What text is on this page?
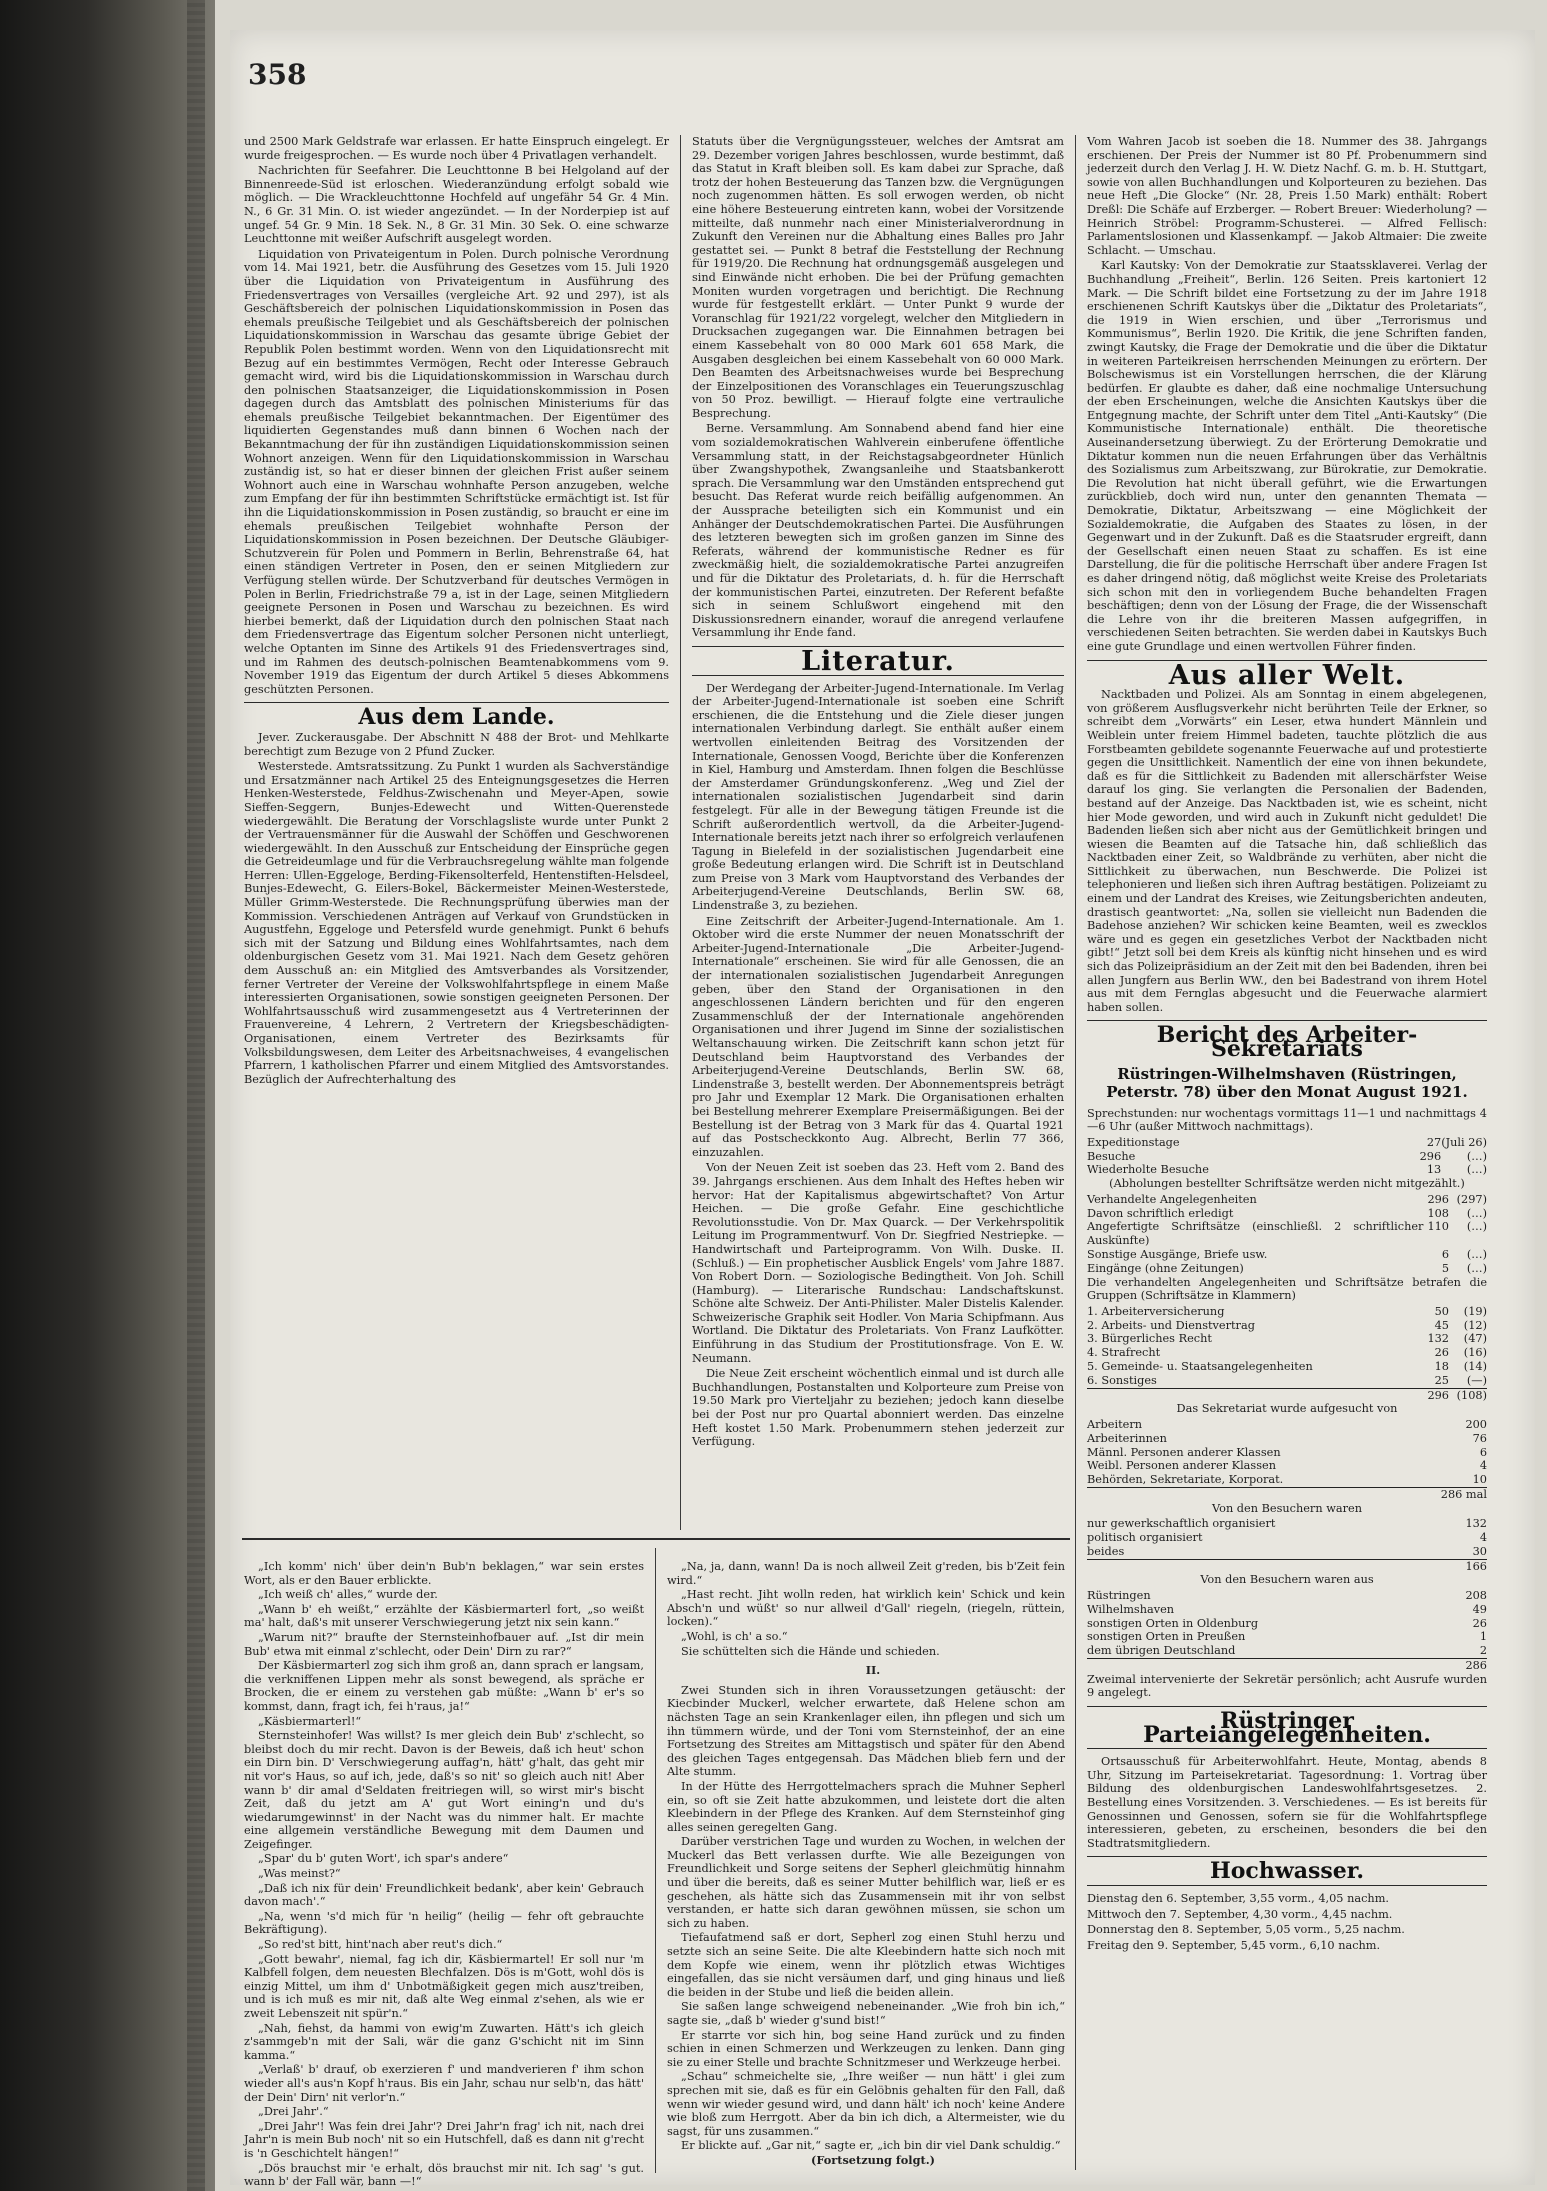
358

und 2500 Mark Geldstrafe war erlassen. Er hatte Einspruch eingelegt. Er wurde freigesprochen. — Es wurde noch über 4 Privatlagen verhandelt.

Nachrichten für Seefahrer. Die Leuchttonne B bei Helgoland auf der Binnenreede-Süd ist erloschen. Wiederanzündung erfolgt sobald wie möglich. — Die Wrackleuchttonne Hochfeld auf ungefähr 54 Gr. 4 Min. N., 6 Gr. 31 Min. O. ist wieder angezündet. — In der Norderpiep ist auf ungef. 54 Gr. 9 Min. 18 Sek. N., 8 Gr. 31 Min. 30 Sek. O. eine schwarze Leuchttonne mit weißer Aufschrift ausgelegt worden.

Liquidation von Privateigentum in Polen. Durch polnische Verordnung vom 14. Mai 1921, betr. die Ausführung des Gesetzes vom 15. Juli 1920 über die Liquidation von Privateigentum in Ausführung des Friedensvertrages von Versailles (vergleiche Art. 92 und 297), ist als Geschäftsbereich der polnischen Liquidationskommission in Posen das ehemals preußische Teilgebiet und als Geschäftsbereich der polnischen Liquidationskommission in Warschau das gesamte übrige Gebiet der Republik Polen bestimmt worden. Wenn von den Liquidationsrecht mit Bezug auf ein bestimmtes Vermögen, Recht oder Interesse Gebrauch gemacht wird, wird bis die Liquidationskommission in Warschau durch den polnischen Staatsanzeiger, die Liquidationskommission in Posen dagegen durch das Amtsblatt des polnischen Ministeriums für das ehemals preußische Teilgebiet bekanntmachen. Der Eigentümer des liquidierten Gegenstandes muß dann binnen 6 Wochen nach der Bekanntmachung der für ihn zuständigen Liquidationskommission seinen Wohnort anzeigen. Wenn für den Liquidationskommission in Warschau zuständig ist, so hat er dieser binnen der gleichen Frist außer seinem Wohnort auch eine in Warschau wohnhafte Person anzugeben, welche zum Empfang der für ihn bestimmten Schriftstücke ermächtigt ist. Ist für ihn die Liquidationskommission in Posen zuständig, so braucht er eine im ehemals preußischen Teilgebiet wohnhafte Person der Liquidationskommission in Posen bezeichnen. Der Deutsche Gläubiger-Schutzverein für Polen und Pommern in Berlin, Behrenstraße 64, hat einen ständigen Vertreter in Posen, den er seinen Mitgliedern zur Verfügung stellen würde. Der Schutzverband für deutsches Vermögen in Polen in Berlin, Friedrichstraße 79 a, ist in der Lage, seinen Mitgliedern geeignete Personen in Posen und Warschau zu bezeichnen. Es wird hierbei bemerkt, daß der Liquidation durch den polnischen Staat nach dem Friedensvertrage das Eigentum solcher Personen nicht unterliegt, welche Optanten im Sinne des Artikels 91 des Friedensvertrages sind, und im Rahmen des deutsch-polnischen Beamtenabkommens vom 9. November 1919 das Eigentum der durch Artikel 5 dieses Abkommens geschützten Personen.

Aus dem Lande.

Jever. Zuckerausgabe. Der Abschnitt N 488 der Brot- und Mehlkarte berechtigt zum Bezuge von 2 Pfund Zucker.

Westerstede. Amtsratssitzung. Zu Punkt 1 wurden als Sachverständige und Ersatzmänner nach Artikel 25 des Enteignungsgesetzes die Herren Henken-Westerstede, Feldhus-Zwischenahn und Meyer-Apen, sowie Sieffen-Seggern, Bunjes-Edewecht und Witten-Querenstede wiedergewählt. Die Beratung der Vorschlagsliste wurde unter Punkt 2 der Vertrauensmänner für die Auswahl der Schöffen und Geschworenen wiedergewählt. In den Ausschuß zur Entscheidung der Einsprüche gegen die Getreideumlage und für die Verbrauchsregelung wählte man folgende Herren: Ullen-Eggeloge, Berding-Fikensolterfeld, Hentenstiften-Helsdeel, Bunjes-Edewecht, G. Eilers-Bokel, Bäckermeister Meinen-Westerstede, Müller Grimm-Westerstede. Die Rechnungsprüfung überwies man der Kommission. Verschiedenen Anträgen auf Verkauf von Grundstücken in Augustfehn, Eggeloge und Petersfeld wurde genehmigt. Punkt 6 behufs sich mit der Satzung und Bildung eines Wohlfahrtsamtes, nach dem oldenburgischen Gesetz vom 31. Mai 1921. Nach dem Gesetz gehören dem Ausschuß an: ein Mitglied des Amtsverbandes als Vorsitzender, ferner Vertreter der Vereine der Volkswohlfahrtspflege in einem Maße interessierten Organisationen, sowie sonstigen geeigneten Personen. Der Wohlfahrtsausschuß wird zusammengesetzt aus 4 Vertreterinnen der Frauenvereine, 4 Lehrern, 2 Vertretern der Kriegsbeschädigten-Organisationen, einem Vertreter des Bezirksamts für Volksbildungswesen, dem Leiter des Arbeitsnachweises, 4 evangelischen Pfarrern, 1 katholischen Pfarrer und einem Mitglied des Amtsvorstandes. Bezüglich der Aufrechterhaltung des

Statuts über die Vergnügungssteuer, welches der Amtsrat am 29. Dezember vorigen Jahres beschlossen, wurde bestimmt, daß das Statut in Kraft bleiben soll. Es kam dabei zur Sprache, daß trotz der hohen Besteuerung das Tanzen bzw. die Vergnügungen noch zugenommen hätten. Es soll erwogen werden, ob nicht eine höhere Besteuerung eintreten kann, wobei der Vorsitzende mitteilte, daß nunmehr nach einer Ministerialverordnung in Zukunft den Vereinen nur die Abhaltung eines Balles pro Jahr gestattet sei. — Punkt 8 betraf die Feststellung der Rechnung für 1919/20. Die Rechnung hat ordnungsgemäß ausgelegen und sind Einwände nicht erhoben. Die bei der Prüfung gemachten Moniten wurden vorgetragen und berichtigt. Die Rechnung wurde für festgestellt erklärt. — Unter Punkt 9 wurde der Voranschlag für 1921/22 vorgelegt, welcher den Mitgliedern in Drucksachen zugegangen war. Die Einnahmen betragen bei einem Kassebehalt von 80 000 Mark 601 658 Mark, die Ausgaben desgleichen bei einem Kassebehalt von 60 000 Mark. Den Beamten des Arbeitsnachweises wurde bei Besprechung der Einzelpositionen des Voranschlages ein Teuerungszuschlag von 50 Proz. bewilligt. — Hierauf folgte eine vertrauliche Besprechung.

Berne. Versammlung. Am Sonnabend abend fand hier eine vom sozialdemokratischen Wahlverein einberufene öffentliche Versammlung statt, in der Reichstagsabgeordneter Hünlich über Zwangshypothek, Zwangsanleihe und Staatsbankerott sprach. Die Versammlung war den Umständen entsprechend gut besucht. Das Referat wurde reich beifällig aufgenommen. An der Aussprache beteiligten sich ein Kommunist und ein Anhänger der Deutschdemokratischen Partei. Die Ausführungen des letzteren bewegten sich im großen ganzen im Sinne des Referats, während der kommunistische Redner es für zweckmäßig hielt, die sozialdemokratische Partei anzugreifen und für die Diktatur des Proletariats, d. h. für die Herrschaft der kommunistischen Partei, einzutreten. Der Referent befaßte sich in seinem Schlußwort eingehend mit den Diskussionsrednern einander, worauf die anregend verlaufene Versammlung ihr Ende fand.

Literatur.

Der Werdegang der Arbeiter-Jugend-Internationale. Im Verlag der Arbeiter-Jugend-Internationale ist soeben eine Schrift erschienen, die die Entstehung und die Ziele dieser jungen internationalen Verbindung darlegt. Sie enthält außer einem wertvollen einleitenden Beitrag des Vorsitzenden der Internationale, Genossen Voogd, Berichte über die Konferenzen in Kiel, Hamburg und Amsterdam. Ihnen folgen die Beschlüsse der Amsterdamer Gründungskonferenz. „Weg und Ziel der internationalen sozialistischen Jugendarbeit sind darin festgelegt. Für alle in der Bewegung tätigen Freunde ist die Schrift außerordentlich wertvoll, da die Arbeiter-Jugend-Internationale bereits jetzt nach ihrer so erfolgreich verlaufenen Tagung in Bielefeld in der sozialistischen Jugendarbeit eine große Bedeutung erlangen wird. Die Schrift ist in Deutschland zum Preise von 3 Mark vom Hauptvorstand des Verbandes der Arbeiterjugend-Vereine Deutschlands, Berlin SW. 68, Lindenstraße 3, zu beziehen.

Eine Zeitschrift der Arbeiter-Jugend-Internationale. Am 1. Oktober wird die erste Nummer der neuen Monatsschrift der Arbeiter-Jugend-Internationale „Die Arbeiter-Jugend-Internationale“ erscheinen. Sie wird für alle Genossen, die an der internationalen sozialistischen Jugendarbeit Anregungen geben, über den Stand der Organisationen in den angeschlossenen Ländern berichten und für den engeren Zusammenschluß der der Internationale angehörenden Organisationen und ihrer Jugend im Sinne der sozialistischen Weltanschauung wirken. Die Zeitschrift kann schon jetzt für Deutschland beim Hauptvorstand des Verbandes der Arbeiterjugend-Vereine Deutschlands, Berlin SW. 68, Lindenstraße 3, bestellt werden. Der Abonnementspreis beträgt pro Jahr und Exemplar 12 Mark. Die Organisationen erhalten bei Bestellung mehrerer Exemplare Preisermäßigungen. Bei der Bestellung ist der Betrag von 3 Mark für das 4. Quartal 1921 auf das Postscheckkonto Aug. Albrecht, Berlin 77 366, einzuzahlen.

Von der Neuen Zeit ist soeben das 23. Heft vom 2. Band des 39. Jahrgangs erschienen. Aus dem Inhalt des Heftes heben wir hervor: Hat der Kapitalismus abgewirtschaftet? Von Artur Heichen. — Die große Gefahr. Eine geschichtliche Revolutionsstudie. Von Dr. Max Quarck. — Der Verkehrspolitik Leitung im Programmentwurf. Von Dr. Siegfried Nestriepke. — Handwirtschaft und Parteiprogramm. Von Wilh. Duske. II. (Schluß.) — Ein prophetischer Ausblick Engels' vom Jahre 1887. Von Robert Dorn. — Soziologische Bedingtheit. Von Joh. Schill (Hamburg). — Literarische Rundschau: Landschaftskunst. Schöne alte Schweiz. Der Anti-Philister. Maler Distelis Kalender. Schweizerische Graphik seit Hodler. Von Maria Schipfmann. Aus Wortland. Die Diktatur des Proletariats. Von Franz Laufkötter. Einführung in das Studium der Prostitutionsfrage. Von E. W. Neumann.

Die Neue Zeit erscheint wöchentlich einmal und ist durch alle Buchhandlungen, Postanstalten und Kolporteure zum Preise von 19.50 Mark pro Vierteljahr zu beziehen; jedoch kann dieselbe bei der Post nur pro Quartal abonniert werden. Das einzelne Heft kostet 1.50 Mark. Probenummern stehen jederzeit zur Verfügung.

Vom Wahren Jacob ist soeben die 18. Nummer des 38. Jahrgangs erschienen. Der Preis der Nummer ist 80 Pf. Probenummern sind jederzeit durch den Verlag J. H. W. Dietz Nachf. G. m. b. H. Stuttgart, sowie von allen Buchhandlungen und Kolporteuren zu beziehen. Das neue Heft „Die Glocke“ (Nr. 28, Preis 1.50 Mark) enthält: Robert Dreßl: Die Schäfe auf Erzberger. — Robert Breuer: Wiederholung? — Heinrich Ströbel: Programm-Schusterei. — Alfred Fellisch: Parlamentslosionen und Klassenkampf. — Jakob Altmaier: Die zweite Schlacht. — Umschau.

Karl Kautsky: Von der Demokratie zur Staatssklaverei. Verlag der Buchhandlung „Freiheit“, Berlin. 126 Seiten. Preis kartoniert 12 Mark. — Die Schrift bildet eine Fortsetzung zu der im Jahre 1918 erschienenen Schrift Kautskys über die „Diktatur des Proletariats“, die 1919 in Wien erschien, und über „Terrorismus und Kommunismus“, Berlin 1920. Die Kritik, die jene Schriften fanden, zwingt Kautsky, die Frage der Demokratie und die über die Diktatur in weiteren Parteikreisen herrschenden Meinungen zu erörtern. Der Bolschewismus ist ein Vorstellungen herrschen, die der Klärung bedürfen. Er glaubte es daher, daß eine nochmalige Untersuchung der eben Erscheinungen, welche die Ansichten Kautskys über die Entgegnung machte, der Schrift unter dem Titel „Anti-Kautsky“ (Die Kommunistische Internationale) enthält. Die theoretische Auseinandersetzung überwiegt. Zu der Erörterung Demokratie und Diktatur kommen nun die neuen Erfahrungen über das Verhältnis des Sozialismus zum Arbeitszwang, zur Bürokratie, zur Demokratie. Die Revolution hat nicht überall geführt, wie die Erwartungen zurückblieb, doch wird nun, unter den genannten Themata — Demokratie, Diktatur, Arbeitszwang — eine Möglichkeit der Sozialdemokratie, die Aufgaben des Staates zu lösen, in der Gegenwart und in der Zukunft. Daß es die Staatsruder ergreift, dann der Gesellschaft einen neuen Staat zu schaffen. Es ist eine Darstellung, die für die politische Herrschaft über andere Fragen Ist es daher dringend nötig, daß möglichst weite Kreise des Proletariats sich schon mit den in vorliegendem Buche behandelten Fragen beschäftigen; denn von der Lösung der Frage, die der Wissenschaft die Lehre von ihr die breiteren Massen aufgegriffen, in verschiedenen Seiten betrachten. Sie werden dabei in Kautskys Buch eine gute Grundlage und einen wertvollen Führer finden.

Aus aller Welt.

Nacktbaden und Polizei. Als am Sonntag in einem abgelegenen, von größerem Ausflugsverkehr nicht berührten Teile der Erkner, so schreibt dem „Vorwärts“ ein Leser, etwa hundert Männlein und Weiblein unter freiem Himmel badeten, tauchte plötzlich die aus Forstbeamten gebildete sogenannte Feuerwache auf und protestierte gegen die Unsittlichkeit. Namentlich der eine von ihnen bekundete, daß es für die Sittlichkeit zu Badenden mit allerschärfster Weise darauf los ging. Sie verlangten die Personalien der Badenden, bestand auf der Anzeige. Das Nacktbaden ist, wie es scheint, nicht hier Mode geworden, und wird auch in Zukunft nicht geduldet! Die Badenden ließen sich aber nicht aus der Gemütlichkeit bringen und wiesen die Beamten auf die Tatsache hin, daß schließlich das Nacktbaden einer Zeit, so Waldbrände zu verhüten, aber nicht die Sittlichkeit zu überwachen, nun Beschwerde. Die Polizei ist telephonieren und ließen sich ihren Auftrag bestätigen. Polizeiamt zu einem und der Landrat des Kreises, wie Zeitungsberichten andeuten, drastisch geantwortet: „Na, sollen sie vielleicht nun Badenden die Badehose anziehen? Wir schicken keine Beamten, weil es zwecklos wäre und es gegen ein gesetzliches Verbot der Nacktbaden nicht gibt!“ Jetzt soll bei dem Kreis als künftig nicht hinsehen und es wird sich das Polizeipräsidium an der Zeit mit den bei Badenden, ihren bei allen Jungfern aus Berlin WW., den bei Badestrand von ihrem Hotel aus mit dem Fernglas abgesucht und die Feuerwache alarmiert haben sollen.

Bericht des Arbeiter-Sekretariats
Rüstringen-Wilhelmshaven (Rüstringen, Peterstr. 78) über den Monat August 1921.

Sprechstunden: nur wochentags vormittags 11—1 und nachmittags 4—6 Uhr (außer Mittwoch nachmittags).

Expeditionstage	27	(Juli 26)
Besuche	296	(…)
Wiederholte Besuche	13	(…)

(Abholungen bestellter Schriftsätze werden nicht mitgezählt.)

Verhandelte Angelegenheiten	296	(297)
Davon schriftlich erledigt	108	(…)
Angefertigte Schriftsätze (einschließl. 2 schriftlicher Auskünfte)	110	(…)
Sonstige Ausgänge, Briefe usw.	6	(…)
Eingänge (ohne Zeitungen)	5	(…)

Die verhandelten Angelegenheiten und Schriftsätze betrafen die Gruppen (Schriftsätze in Klammern)

1. Arbeiterversicherung	50	(19)
2. Arbeits- und Dienstvertrag	45	(12)
3. Bürgerliches Recht	132	(47)
4. Strafrecht	26	(16)
5. Gemeinde- u. Staatsangelegenheiten	18	(14)
6. Sonstiges	25	(—)
	296	(108)

Das Sekretariat wurde aufgesucht von

Arbeitern	200
Arbeiterinnen	76
Männl. Personen anderer Klassen	6
Weibl. Personen anderer Klassen	4
Behörden, Sekretariate, Korporat.	10
	286 mal

Von den Besuchern waren

nur gewerkschaftlich organisiert	132
politisch organisiert	4
beides	30
	166

Von den Besuchern waren aus

Rüstringen	208
Wilhelmshaven	49
sonstigen Orten in Oldenburg	26
sonstigen Orten in Preußen	1
dem übrigen Deutschland	2
	286

Zweimal intervenierte der Sekretär persönlich; acht Ausrufe wurden 9 angelegt.

Rüstringer Parteiangelegenheiten.

Ortsausschuß für Arbeiterwohlfahrt. Heute, Montag, abends 8 Uhr, Sitzung im Parteisekretariat. Tagesordnung: 1. Vortrag über Bildung des oldenburgischen Landeswohlfahrtsgesetzes. 2. Bestellung eines Vorsitzenden. 3. Verschiedenes. — Es ist bereits für Genossinnen und Genossen, sofern sie für die Wohlfahrtspflege interessieren, gebeten, zu erscheinen, besonders die bei den Stadtratsmitgliedern.

Hochwasser.

Dienstag den 6. September, 3,55 vorm., 4,05 nachm.

Mittwoch den 7. September, 4,30 vorm., 4,45 nachm.

Donnerstag den 8. September, 5,05 vorm., 5,25 nachm.

Freitag den 9. September, 5,45 vorm., 6,10 nachm.

„Ich komm' nich' über dein'n Bub'n beklagen,“ war sein erstes Wort, als er den Bauer erblickte.

„Ich weiß ch' alles,“ wurde der.

„Wann b' eh weißt,“ erzählte der Käsbiermarterl fort, „so weißt ma' halt, daß's mit unserer Verschwiegerung jetzt nix sein kann.“

„Warum nit?“ braufte der Sternsteinhofbauer auf. „Ist dir mein Bub' etwa mit einmal z'schlecht, oder Dein' Dirn zu rar?“

Der Käsbiermarterl zog sich ihm groß an, dann sprach er langsam, die verkniffenen Lippen mehr als sonst bewegend, als spräche er Brocken, die er einem zu verstehen gab müßte: „Wann b' er's so kommst, dann, fragt ich, fei h'raus, ja!“

„Käsbiermarterl!“

Sternsteinhofer! Was willst? Is mer gleich dein Bub' z'schlecht, so bleibst doch du mir recht. Davon is der Beweis, daß ich heut' schon ein Dirn bin. D' Verschwiegerung auffag'n, hätt' g'halt, das geht mir nit vor's Haus, so auf ich, jede, daß's so nit' so gleich auch nit! Aber wann b' dir amal d'Seldaten freitriegen will, so wirst mir's bischt Zeit, daß du jetzt am A' gut Wort eining'n und du's wiedarumgewinnst' in der Nacht was du nimmer halt. Er machte eine allgemein verständliche Bewegung mit dem Daumen und Zeigefinger.

„Spar' du b' guten Wort', ich spar's andere“

„Was meinst?“

„Daß ich nix für dein' Freundlichkeit bedank', aber kein' Gebrauch davon mach'.“

„Na, wenn 's'd mich für 'n heilig“ (heilig — fehr oft gebrauchte Bekräftigung).

„So red'st bitt, hint'nach aber reut's dich.“

„Gott bewahr', niemal, fag ich dir, Käsbiermartel! Er soll nur 'm Kalbfell folgen, dem neuesten Blechfalzen. Dös is m'Gott, wohl dös is einzig Mittel, um ihm d' Unbotmäßigkeit gegen mich ausz'treiben, und is ich muß es mir nit, daß alte Weg einmal z'sehen, als wie er zweit Lebenszeit nit spür'n.“

„Nah, fiehst, da hammi von ewig'm Zuwarten. Hätt's ich gleich z'sammgeb'n mit der Sali, wär die ganz G'schicht nit im Sinn kamma.“

„Verlaß' b' drauf, ob exerzieren f' und mandverieren f' ihm schon wieder all's aus'n Kopf h'raus. Bis ein Jahr, schau nur selb'n, das hätt' der Dein' Dirn' nit verlor'n.“

„Drei Jahr'.“

„Drei Jahr'! Was fein drei Jahr'? Drei Jahr'n frag' ich nit, nach drei Jahr'n is mein Bub noch' nit so ein Hutschfell, daß es dann nit g'recht is 'n Geschichtelt hängen!“

„Dös brauchst mir 'e erhalt, dös brauchst mir nit. Ich sag' 's gut. wann b' der Fall wär, bann —!“

„Na, ja, dann, wann! Da is noch allweil Zeit g'reden, bis b'Zeit fein wird.“

„Hast recht. Jiht wolln reden, hat wirklich kein' Schick und kein Absch'n und wüßt' so nur allweil d'Gall' riegeln, (riegeln, rüttein, locken).“

„Wohl, is ch' a so.“

Sie schüttelten sich die Hände und schieden.

II.

Zwei Stunden sich in ihren Voraussetzungen getäuscht: der Kiecbinder Muckerl, welcher erwartete, daß Helene schon am nächsten Tage an sein Krankenlager eilen, ihn pflegen und sich um ihn tümmern würde, und der Toni vom Sternsteinhof, der an eine Fortsetzung des Streites am Mittagstisch und später für den Abend des gleichen Tages entgegensah. Das Mädchen blieb fern und der Alte stumm.

In der Hütte des Herrgottelmachers sprach die Muhner Sepherl ein, so oft sie Zeit hatte abzukommen, und leistete dort die alten Kleebindern in der Pflege des Kranken. Auf dem Sternsteinhof ging alles seinen geregelten Gang.

Darüber verstrichen Tage und wurden zu Wochen, in welchen der Muckerl das Bett verlassen durfte. Wie alle Bezeigungen von Freundlichkeit und Sorge seitens der Sepherl gleichmütig hinnahm und über die bereits, daß es seiner Mutter behilflich war, ließ er es geschehen, als hätte sich das Zusammensein mit ihr von selbst verstanden, er hatte sich daran gewöhnen müssen, sie schon um sich zu haben.

Tiefaufatmend saß er dort, Sepherl zog einen Stuhl herzu und setzte sich an seine Seite. Die alte Kleebindern hatte sich noch mit dem Kopfe wie einem, wenn ihr plötzlich etwas Wichtiges eingefallen, das sie nicht versäumen darf, und ging hinaus und ließ die beiden in der Stube und ließ die beiden allein.

Sie saßen lange schweigend nebeneinander. „Wie froh bin ich,“ sagte sie, „daß b' wieder g'sund bist!“

Er starrte vor sich hin, bog seine Hand zurück und zu finden schien in einen Schmerzen und Werkzeugen zu lenken. Dann ging sie zu einer Stelle und brachte Schnitzmeser und Werkzeuge herbei.

„Schau“ schmeichelte sie, „Ihre weißer — nun hätt' i glei zum sprechen mit sie, daß es für ein Gelöbnis gehalten für den Fall, daß wenn wir wieder gesund wird, und dann hält' ich noch' keine Andere wie bloß zum Herrgott. Aber da bin ich dich, a Altermeister, wie du sagst, für uns zusammen.“

Er blickte auf. „Gar nit,“ sagte er, „ich bin dir viel Dank schuldig.“

(Fortsetzung folgt.)
